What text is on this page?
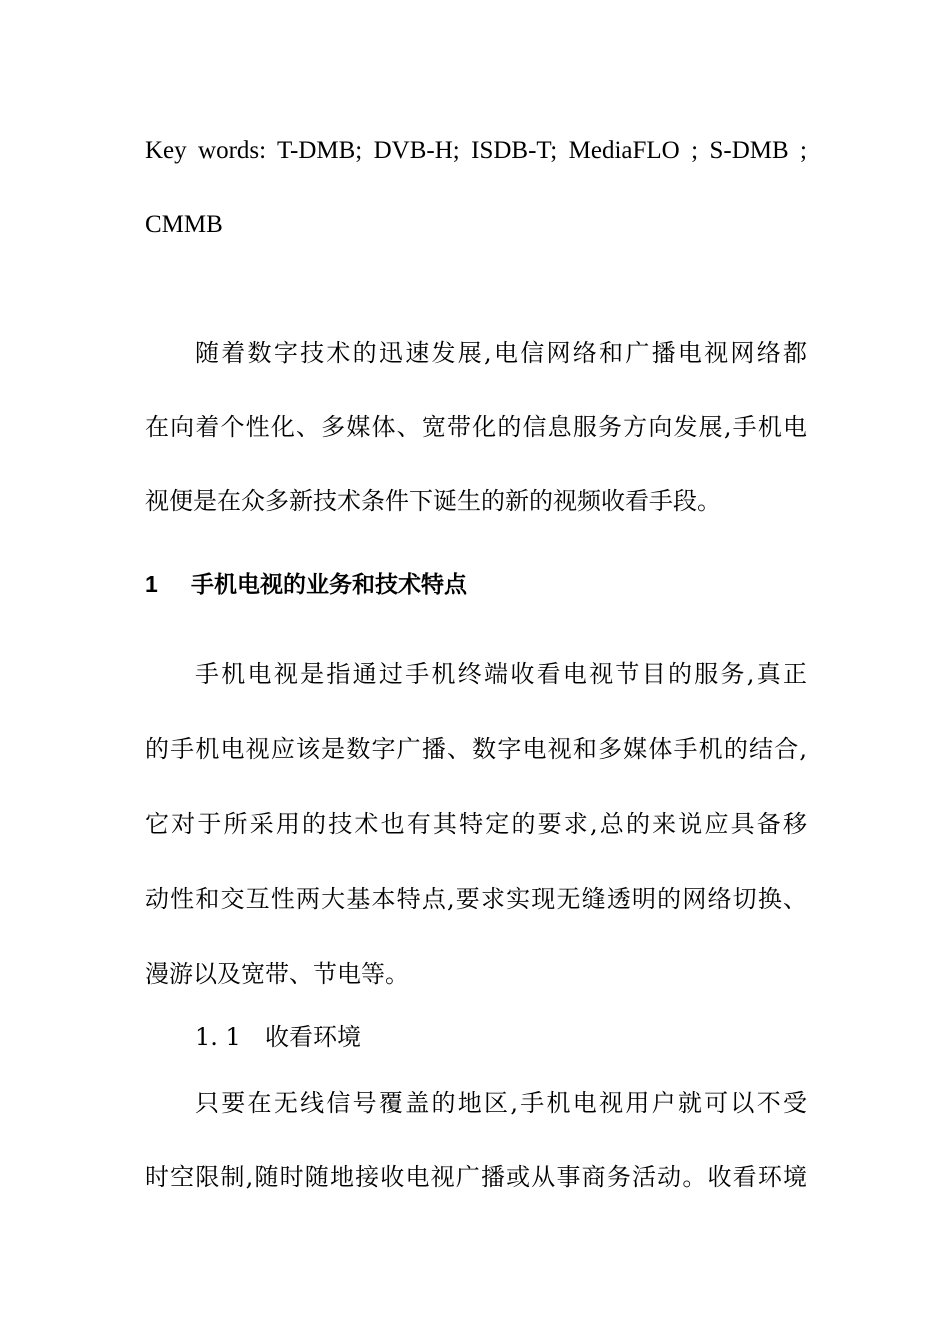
Key words: T-DMB; DVB-H; ISDB-T; MediaFLO ; S-DMB ;
CMMB
随着数字技术的迅速发展,电信网络和广播电视网络都
在向着个性化、多媒体、宽带化的信息服务方向发展,手机电
视便是在众多新技术条件下诞生的新的视频收看手段。
1 手机电视的业务和技术特点
手机电视是指通过手机终端收看电视节目的服务,真正
的手机电视应该是数字广播、数字电视和多媒体手机的结合,
它对于所采用的技术也有其特定的要求,总的来说应具备移
动性和交互性两大基本特点,要求实现无缝透明的网络切换、
漫游以及宽带、节电等。
1. 1 收看环境
只要在无线信号覆盖的地区,手机电视用户就可以不受
时空限制,随时随地接收电视广播或从事商务活动。收看环境
